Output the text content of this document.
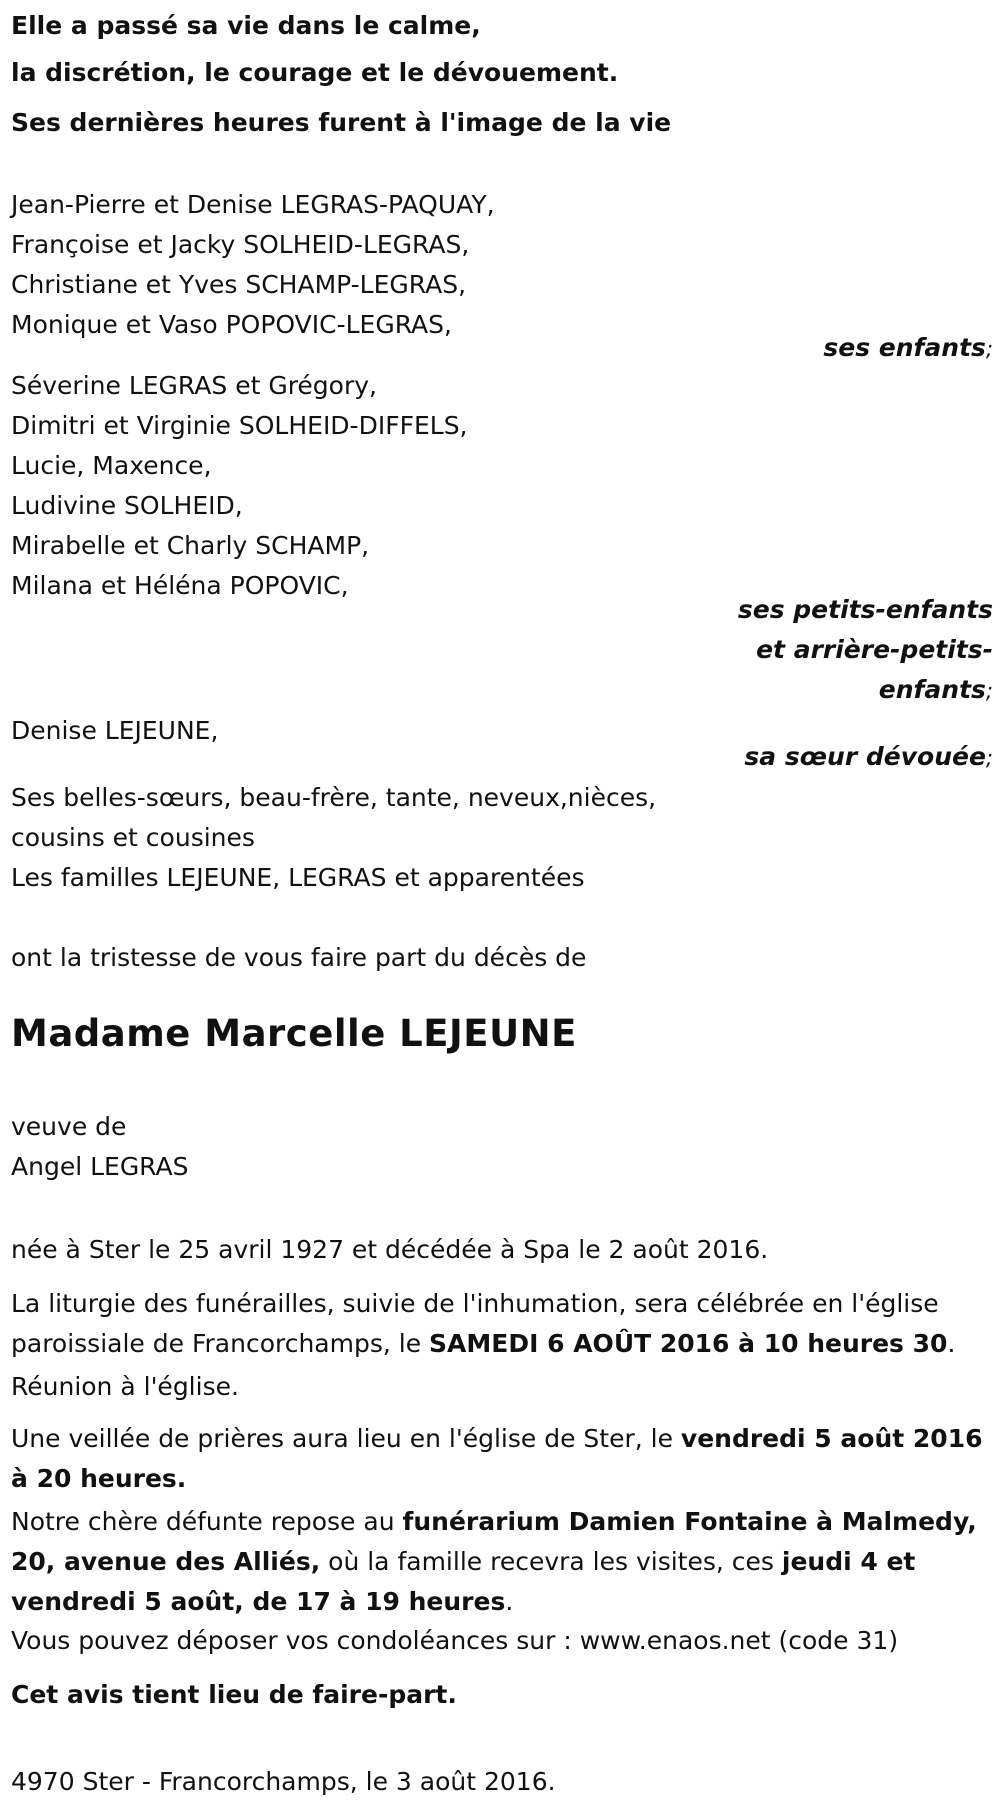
Elle a passé sa vie dans le calme,
la discrétion, le courage et le dévouement.
Ses dernières heures furent à l'image de la vie
Jean-Pierre et Denise LEGRAS-PAQUAY,
Françoise et Jacky SOLHEID-LEGRAS,
Christiane et Yves SCHAMP-LEGRAS,
Monique et Vaso POPOVIC-LEGRAS,
ses enfants;
Séverine LEGRAS et Grégory,
Dimitri et Virginie SOLHEID-DIFFELS,
Lucie, Maxence,
Ludivine SOLHEID,
Mirabelle et Charly SCHAMP,
Milana et Héléna POPOVIC,
ses petits-enfants
et arrière-petits-
enfants;
Denise LEJEUNE,
sa sœur dévouée;
Ses belles-sœurs, beau-frère, tante, neveux,nièces,
cousins et cousines
Les familles LEJEUNE, LEGRAS et apparentées
ont la tristesse de vous faire part du décès de
Madame Marcelle LEJEUNE
veuve de
Angel LEGRAS
née à Ster le 25 avril 1927 et décédée à Spa le 2 août 2016.
La liturgie des funérailles, suivie de l'inhumation, sera célébrée en l'église paroissiale de Francorchamps, le SAMEDI 6 AOÛT 2016 à 10 heures 30.
Réunion à l'église.
Une veillée de prières aura lieu en l'église de Ster, le vendredi 5 août 2016 à 20 heures.
Notre chère défunte repose au funérarium Damien Fontaine à Malmedy, 20, avenue des Alliés, où la famille recevra les visites, ces jeudi 4 et vendredi 5 août, de 17 à 19 heures.
Vous pouvez déposer vos condoléances sur : www.enaos.net (code 31)
Cet avis tient lieu de faire-part.
4970 Ster - Francorchamps, le 3 août 2016.
